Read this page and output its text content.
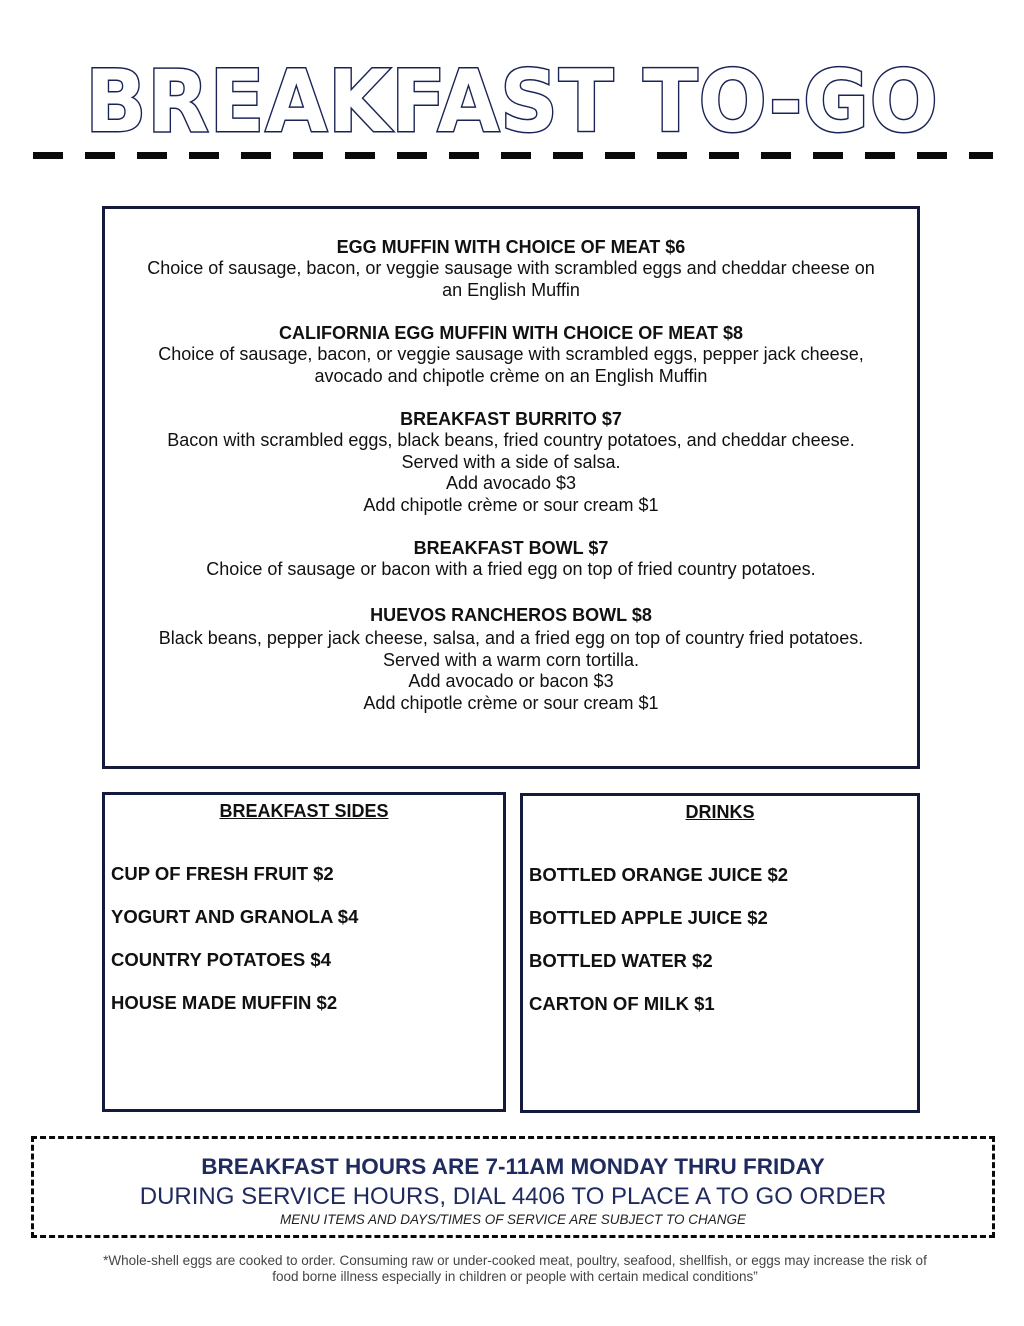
BREAKFAST TO-GO
EGG MUFFIN WITH CHOICE OF MEAT $6
Choice of sausage, bacon, or veggie sausage with scrambled eggs and cheddar cheese on an English Muffin
CALIFORNIA EGG MUFFIN WITH CHOICE OF MEAT $8
Choice of sausage, bacon, or veggie sausage with scrambled eggs, pepper jack cheese, avocado and chipotle crème on an English Muffin
BREAKFAST BURRITO $7
Bacon with scrambled eggs, black beans, fried country potatoes, and cheddar cheese. Served with a side of salsa.
Add avocado $3
Add chipotle crème or sour cream $1
BREAKFAST BOWL $7
Choice of sausage or bacon with a fried egg on top of fried country potatoes.
HUEVOS RANCHEROS BOWL $8
Black beans, pepper jack cheese, salsa, and a fried egg on top of country fried potatoes. Served with a warm corn tortilla.
Add avocado or bacon $3
Add chipotle crème or sour cream $1
BREAKFAST SIDES
CUP OF FRESH FRUIT $2
YOGURT AND GRANOLA $4
COUNTRY POTATOES $4
HOUSE MADE MUFFIN $2
DRINKS
BOTTLED ORANGE JUICE $2
BOTTLED APPLE JUICE $2
BOTTLED WATER $2
CARTON OF MILK $1
BREAKFAST HOURS ARE 7-11AM MONDAY THRU FRIDAY
DURING SERVICE HOURS, DIAL 4406 TO PLACE A TO GO ORDER
MENU ITEMS AND DAYS/TIMES OF SERVICE ARE SUBJECT TO CHANGE
*Whole-shell eggs are cooked to order. Consuming raw or under-cooked meat, poultry, seafood, shellfish, or eggs may increase the risk of
food borne illness especially in children or people with certain medical conditions”
